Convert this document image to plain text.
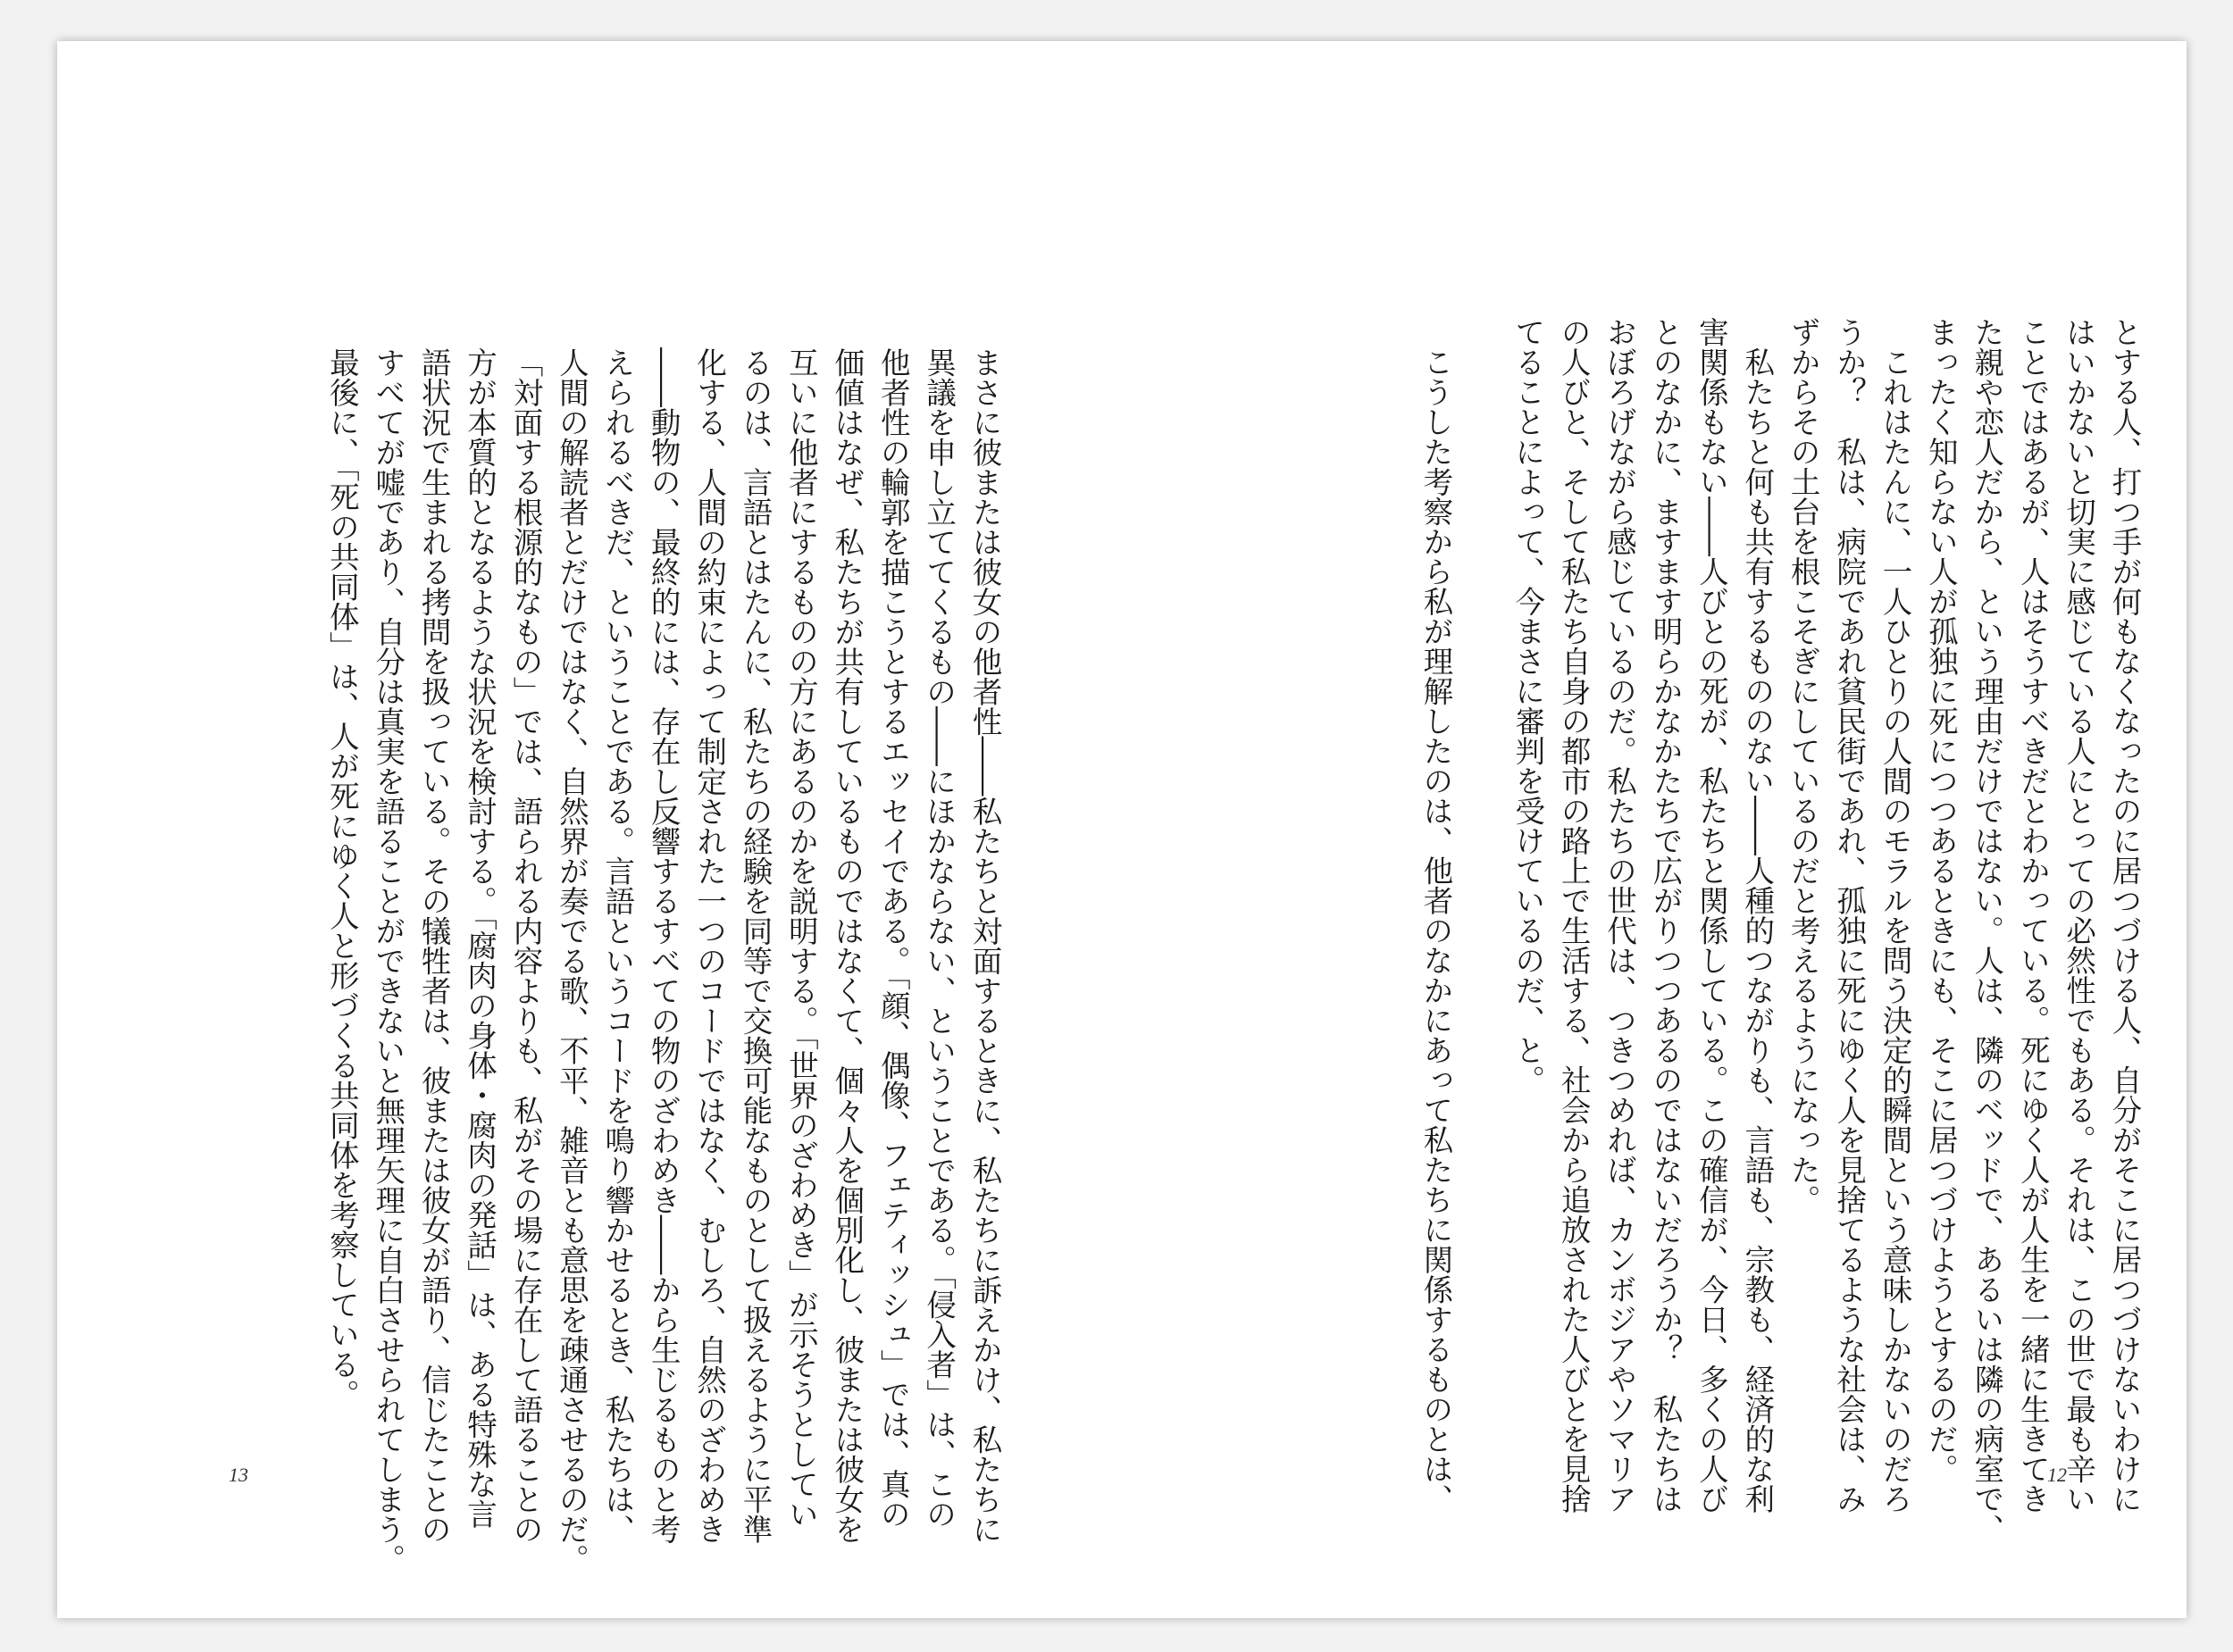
まさに彼または彼女の他者性――私たちと対面するときに、私たちに訴えかけ、私たちに
異議を申し立ててくるもの――にほかならない、ということである。「侵入者」は、この
他者性の輪郭を描こうとするエッセイである。「顔、偶像、フェティッシュ」では、真の
価値はなぜ、私たちが共有しているものではなくて、個々人を個別化し、彼または彼女を
互いに他者にするものの方にあるのかを説明する。「世界のざわめき」が示そうとしてい
るのは、言語とはたんに、私たちの経験を同等で交換可能なものとして扱えるように平準
化する、人間の約束によって制定された一つのコードではなく、むしろ、自然のざわめき
――動物の、最終的には、存在し反響するすべての物のざわめき――から生じるものと考
えられるべきだ、ということである。言語というコードを鳴り響かせるとき、私たちは、
人間の解読者とだけではなく、自然界が奏でる歌、不平、雑音とも意思を疎通させるのだ。
「対面する根源的なもの」では、語られる内容よりも、私がその場に存在して語ることの
方が本質的となるような状況を検討する。「腐肉の身体・腐肉の発話」は、ある特殊な言
語状況で生まれる拷問を扱っている。その犠牲者は、彼または彼女が語り、信じたことの
すべてが嘘であり、自分は真実を語ることができないと無理矢理に自白させられてしまう。
最後に、「死の共同体」は、人が死にゆく人と形づくる共同体を考察している。
13	とする人、打つ手が何もなくなったのに居つづける人、自分がそこに居つづけないわけに
はいかないと切実に感じている人にとっての必然性でもある。それは、この世で最も辛い
ことではあるが、人はそうすべきだとわかっている。死にゆく人が人生を一緒に生きてき
た親や恋人だから、という理由だけではない。人は、隣のベッドで、あるいは隣の病室で、
まったく知らない人が孤独に死につつあるときにも、そこに居つづけようとするのだ。
　これはたんに、一人ひとりの人間のモラルを問う決定的瞬間という意味しかないのだろ
うか？　私は、病院であれ貧民街であれ、孤独に死にゆく人を見捨てるような社会は、み
ずからその土台を根こそぎにしているのだと考えるようになった。
　私たちと何も共有するもののない――人種的つながりも、言語も、宗教も、経済的な利
害関係もない――人びとの死が、私たちと関係している。この確信が、今日、多くの人び
とのなかに、ますます明らかなかたちで広がりつつあるのではないだろうか？　私たちは
おぼろげながら感じているのだ。私たちの世代は、つきつめれば、カンボジアやソマリア
の人びと、そして私たち自身の都市の路上で生活する、社会から追放された人びとを見捨
てることによって、今まさに審判を受けているのだ、と。
　こうした考察から私が理解したのは、他者のなかにあって私たちに関係するものとは、	12
